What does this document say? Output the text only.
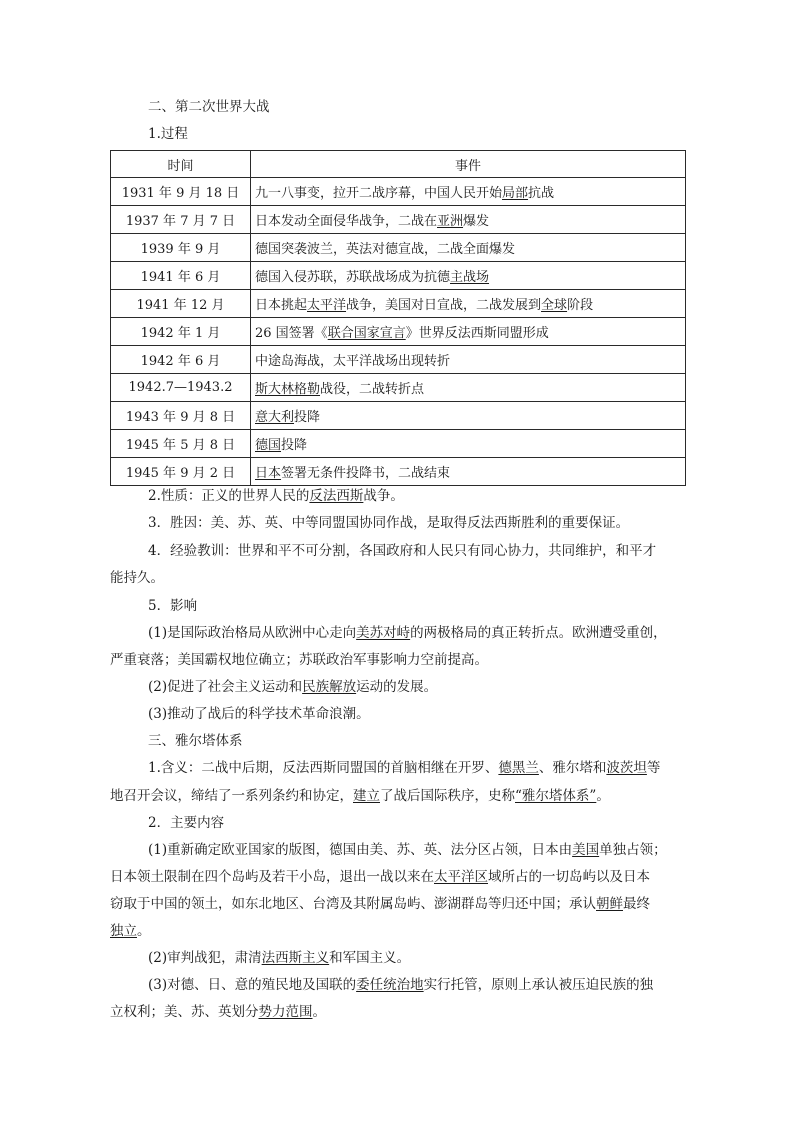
二、第二次世界大战
1.过程
时间	事件
1931 年 9 月 18 日	九一八事变，拉开二战序幕，中国人民开始局部抗战
1937 年 7 月 7 日	日本发动全面侵华战争，二战在亚洲爆发
1939 年 9 月	德国突袭波兰，英法对德宣战，二战全面爆发
1941 年 6 月	德国入侵苏联，苏联战场成为抗德主战场
1941 年 12 月	日本挑起太平洋战争，美国对日宣战，二战发展到全球阶段
1942 年 1 月	26 国签署《联合国家宣言》世界反法西斯同盟形成
1942 年 6 月	中途岛海战，太平洋战场出现转折
1942.7—1943.2	斯大林格勒战役，二战转折点
1943 年 9 月 8 日	意大利投降
1945 年 5 月 8 日	德国投降
1945 年 9 月 2 日	日本签署无条件投降书，二战结束
2.性质：正义的世界人民的反法西斯战争。
3．胜因：美、苏、英、中等同盟国协同作战，是取得反法西斯胜利的重要保证。
4．经验教训：世界和平不可分割，各国政府和人民只有同心协力，共同维护，和平才
能持久。
5．影响
(1)是国际政治格局从欧洲中心走向美苏对峙的两极格局的真正转折点。欧洲遭受重创，
严重衰落；美国霸权地位确立；苏联政治军事影响力空前提高。
(2)促进了社会主义运动和民族解放运动的发展。
(3)推动了战后的科学技术革命浪潮。
三、雅尔塔体系
1.含义：二战中后期，反法西斯同盟国的首脑相继在开罗、德黑兰、雅尔塔和波茨坦等
地召开会议，缔结了一系列条约和协定，建立了战后国际秩序，史称“雅尔塔体系”。
2．主要内容
(1)重新确定欧亚国家的版图，德国由美、苏、英、法分区占领，日本由美国单独占领；
日本领土限制在四个岛屿及若干小岛，退出一战以来在太平洋区域所占的一切岛屿以及日本
窃取于中国的领土，如东北地区、台湾及其附属岛屿、澎湖群岛等归还中国；承认朝鲜最终
独立。
(2)审判战犯，肃清法西斯主义和军国主义。
(3)对德、日、意的殖民地及国联的委任统治地实行托管，原则上承认被压迫民族的独
立权利；美、苏、英划分势力范围。
